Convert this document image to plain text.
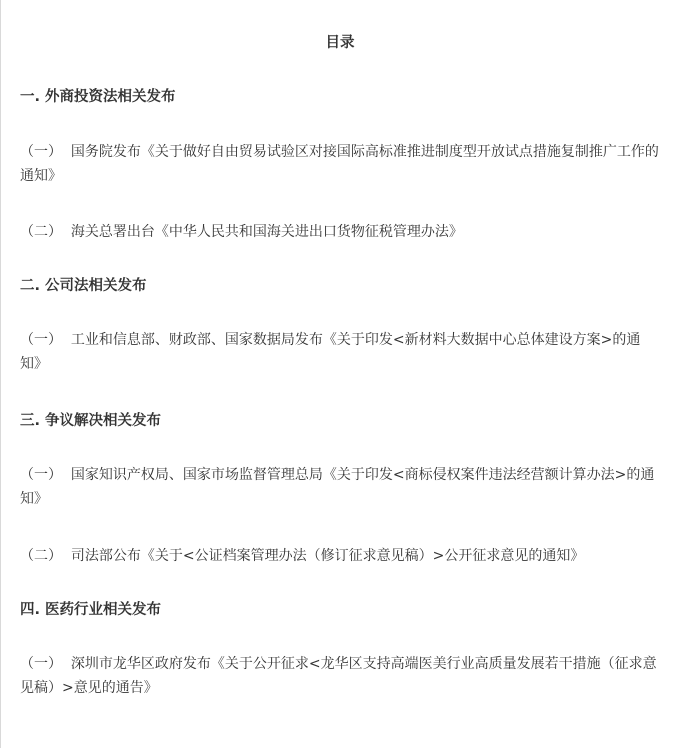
目录
一. 外商投资法相关发布
（一） 国务院发布《关于做好自由贸易试验区对接国际高标准推进制度型开放试点措施复制推广工作的通知》
（二） 海关总署出台《中华人民共和国海关进出口货物征税管理办法》
二. 公司法相关发布
（一） 工业和信息部、财政部、国家数据局发布《关于印发<新材料大数据中心总体建设方案>的通知》
三. 争议解决相关发布
（一） 国家知识产权局、国家市场监督管理总局《关于印发<商标侵权案件违法经营额计算办法>的通知》
（二） 司法部公布《关于<公证档案管理办法（修订征求意见稿）>公开征求意见的通知》
四. 医药行业相关发布
（一） 深圳市龙华区政府发布《关于公开征求<龙华区支持高端医美行业高质量发展若干措施（征求意见稿）>意见的通告》
